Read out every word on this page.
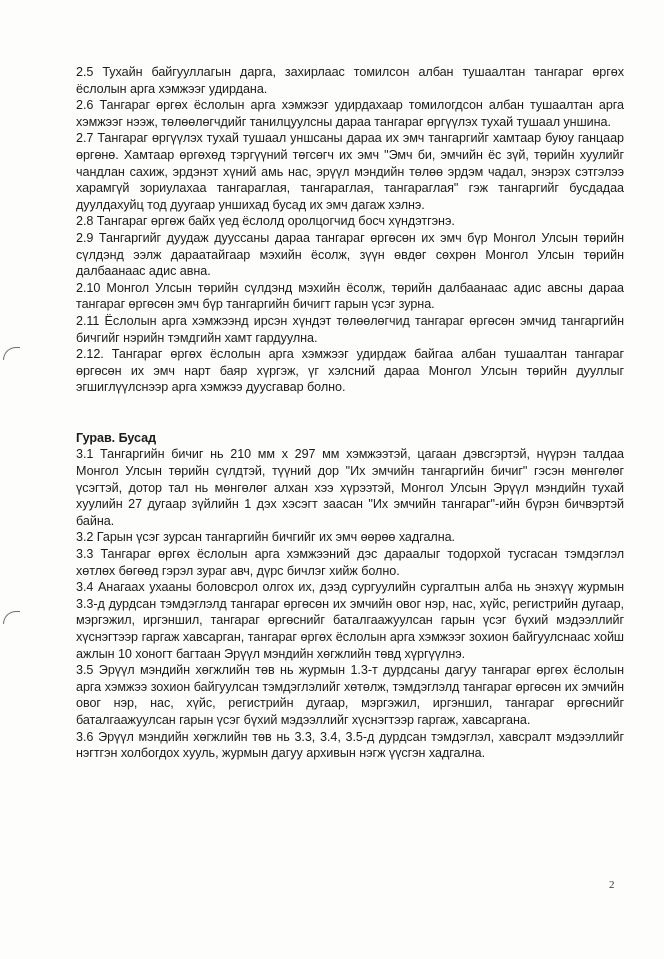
2.5 Тухайн байгууллагын дарга, захирлаас томилсон албан тушаалтан тангараг өргөх ёслолын арга хэмжээг удирдана.

2.6 Тангараг өргөх ёслолын арга хэмжээг удирдахаар томилогдсон албан тушаалтан арга хэмжээг нээж, төлөөлөгчдийг танилцуулсны дараа тангараг өргүүлэх тухай тушаал уншина.

2.7 Тангараг өргүүлэх тухай тушаал уншсаны дараа их эмч тангаргийг хамтаар буюу ганцаар өргөнө. Хамтаар өргөхөд тэргүүний төгсөгч их эмч "Эмч би, эмчийн ёс зүй, төрийн хуулийг чандлан сахиж, эрдэнэт хүний амь нас, эрүүл мэндийн төлөө эрдэм чадал, энэрэх сэтгэлээ харамгүй зориулахаа тангараглая, тангараглая, тангараглая" гэж тангаргийг бусдадаа дуулдахуйц тод дуугаар уншихад бусад их эмч дагаж хэлнэ.

2.8 Тангараг өргөж байх үед ёслолд оролцогчид босч хүндэтгэнэ.

2.9 Тангаргийг дуудаж дууссаны дараа тангараг өргөсөн их эмч бүр Монгол Улсын төрийн сүлдэнд ээлж дараатайгаар мэхийн ёсолж, зүүн өвдөг сөхрөн Монгол Улсын төрийн далбаанаас адис авна.

2.10 Монгол Улсын төрийн сүлдэнд мэхийн ёсолж, төрийн далбаанаас адис авсны дараа тангараг өргөсөн эмч бүр тангаргийн бичигт гарын үсэг зурна.

2.11 Ёслолын арга хэмжээнд ирсэн хүндэт төлөөлөгчид тангараг өргөсөн эмчид тангаргийн бичгийг нэрийн тэмдгийн хамт гардуулна.

2.12. Тангараг өргөх ёслолын арга хэмжээг удирдаж байгаа албан тушаалтан тангараг өргөсөн их эмч нарт баяр хүргэж, үг хэлсний дараа Монгол Улсын төрийн дууллыг эгшиглүүлснээр арга хэмжээ дуусгавар болно.

Гурав. Бусад

3.1 Тангаргийн бичиг нь 210 мм x 297 мм хэмжээтэй, цагаан дэвсгэртэй, нүүрэн талдаа Монгол Улсын төрийн сүлдтэй, түүний дор "Их эмчийн тангаргийн бичиг" гэсэн мөнгөлөг үсэгтэй, дотор тал нь мөнгөлөг алхан хээ хүрээтэй, Монгол Улсын Эрүүл мэндийн тухай хуулийн 27 дугаар зүйлийн 1 дэх хэсэгт заасан "Их эмчийн тангараг"-ийн бүрэн бичвэртэй байна.

3.2 Гарын үсэг зурсан тангаргийн бичгийг их эмч өөрөө хадгална.

3.3 Тангараг өргөх ёслолын арга хэмжээний дэс дараалыг тодорхой тусгасан тэмдэглэл хөтлөх бөгөөд гэрэл зураг авч, дүрс бичлэг хийж болно.

3.4 Анагаах ухааны боловсрол олгох их, дээд сургуулийн сургалтын алба нь энэхүү журмын 3.3-д дурдсан тэмдэглэлд тангараг өргөсөн их эмчийн овог нэр, нас, хүйс, регистрийн дугаар, мэргэжил, иргэншил, тангараг өргөснийг баталгаажуулсан гарын үсэг бүхий мэдээллийг хүснэгтээр гаргаж хавсарган, тангараг өргөх ёслолын арга хэмжээг зохион байгуулснаас хойш ажлын 10 хоногт багтаан Эрүүл мэндийн хөгжлийн төвд хүргүүлнэ.

3.5 Эрүүл мэндийн хөгжлийн төв нь журмын 1.3-т дурдсаны дагуу тангараг өргөх ёслолын арга хэмжээ зохион байгуулсан тэмдэглэлийг хөтөлж, тэмдэглэлд тангараг өргөсөн их эмчийн овог нэр, нас, хүйс, регистрийн дугаар, мэргэжил, иргэншил, тангараг өргөснийг баталгаажуулсан гарын үсэг бүхий мэдээллийг хүснэгтээр гаргаж, хавсаргана.

3.6 Эрүүл мэндийн хөгжлийн төв нь 3.3, 3.4, 3.5-д дурдсан тэмдэглэл, хавсралт мэдээллийг нэгтгэн холбогдох хууль, журмын дагуу архивын нэгж үүсгэн хадгална.

2
